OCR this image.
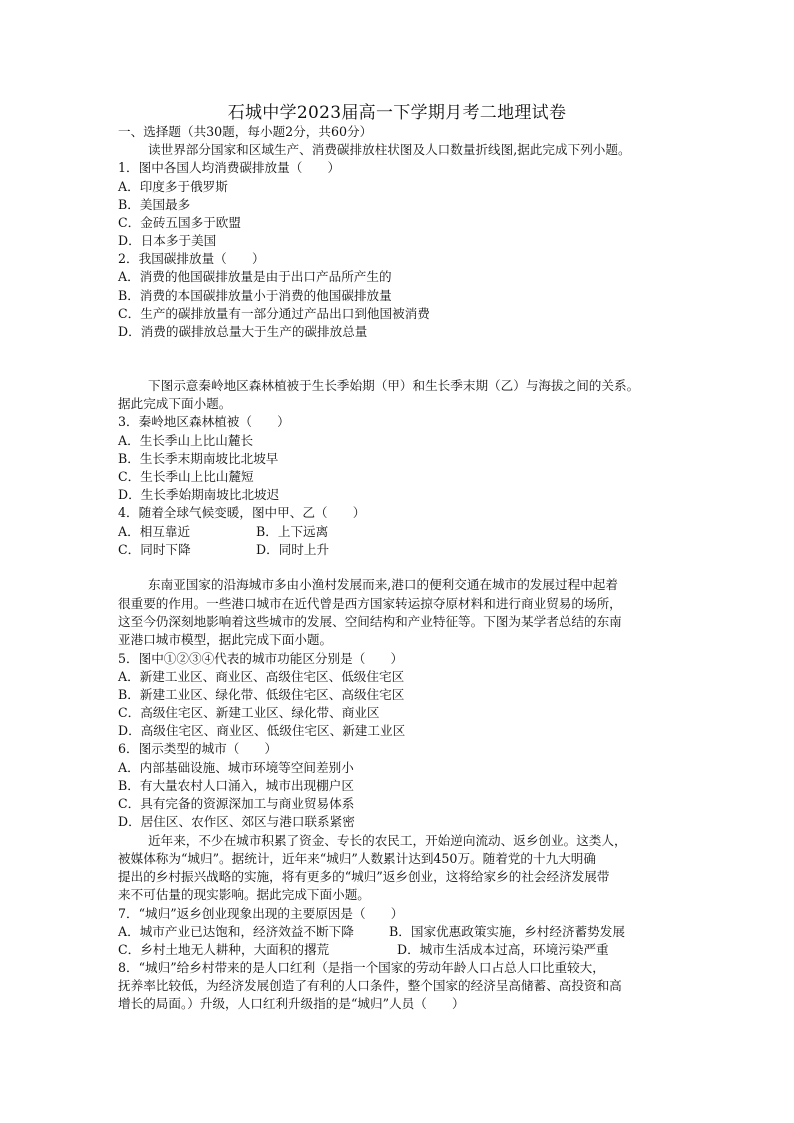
石城中学2023届高一下学期月考二地理试卷
一、选择题（共30题，每小题2分，共60分）
读世界部分国家和区域生产、消费碳排放柱状图及人口数量折线图,据此完成下列小题。
1．图中各国人均消费碳排放量（　　）
A．印度多于俄罗斯
B．美国最多
C．金砖五国多于欧盟
D．日本多于美国
2．我国碳排放量（　　）
A．消费的他国碳排放量是由于出口产品所产生的
B．消费的本国碳排放量小于消费的他国碳排放量
C．生产的碳排放量有一部分通过产品出口到他国被消费
D．消费的碳排放总量大于生产的碳排放总量
下图示意秦岭地区森林植被于生长季始期（甲）和生长季末期（乙）与海拔之间的关系。
据此完成下面小题。
3．秦岭地区森林植被（　　）
A．生长季山上比山麓长
B．生长季末期南坡比北坡早
C．生长季山上比山麓短
D．生长季始期南坡比北坡迟
4．随着全球气候变暖，图中甲、乙（　　）
A．相互靠近	B．上下远离
C．同时下降	D．同时上升
东南亚国家的沿海城市多由小渔村发展而来,港口的便利交通在城市的发展过程中起着
很重要的作用。一些港口城市在近代曾是西方国家转运掠夺原材料和进行商业贸易的场所，
这至今仍深刻地影响着这些城市的发展、空间结构和产业特征等。下图为某学者总结的东南
亚港口城市模型，据此完成下面小题。
5．图中①②③④代表的城市功能区分别是（　　）
A．新建工业区、商业区、高级住宅区、低级住宅区
B．新建工业区、绿化带、低级住宅区、高级住宅区
C．高级住宅区、新建工业区、绿化带、商业区
D．高级住宅区、商业区、低级住宅区、新建工业区
6．图示类型的城市（　　）
A．内部基础设施、城市环境等空间差别小
B．有大量农村人口涌入，城市出现棚户区
C．具有完备的资源深加工与商业贸易体系
D．居住区、农作区、郊区与港口联系紧密
近年来，不少在城市积累了资金、专长的农民工，开始逆向流动、返乡创业。这类人，
被媒体称为“城归”。据统计，近年来“城归”人数累计达到450万。随着党的十九大明确
提出的乡村振兴战略的实施，将有更多的“城归”返乡创业，这将给家乡的社会经济发展带
来不可估量的现实影响。据此完成下面小题。
7．“城归”返乡创业现象出现的主要原因是（　　）
A．城市产业已达饱和，经济效益不断下降	B．国家优惠政策实施，乡村经济蓄势发展
C．乡村土地无人耕种，大面积的撂荒	D．城市生活成本过高，环境污染严重
8．“城归”给乡村带来的是人口红利（是指一个国家的劳动年龄人口占总人口比重较大，
抚养率比较低，为经济发展创造了有利的人口条件，整个国家的经济呈高储蓄、高投资和高
增长的局面。）升级，人口红利升级指的是“城归”人员（　　）
